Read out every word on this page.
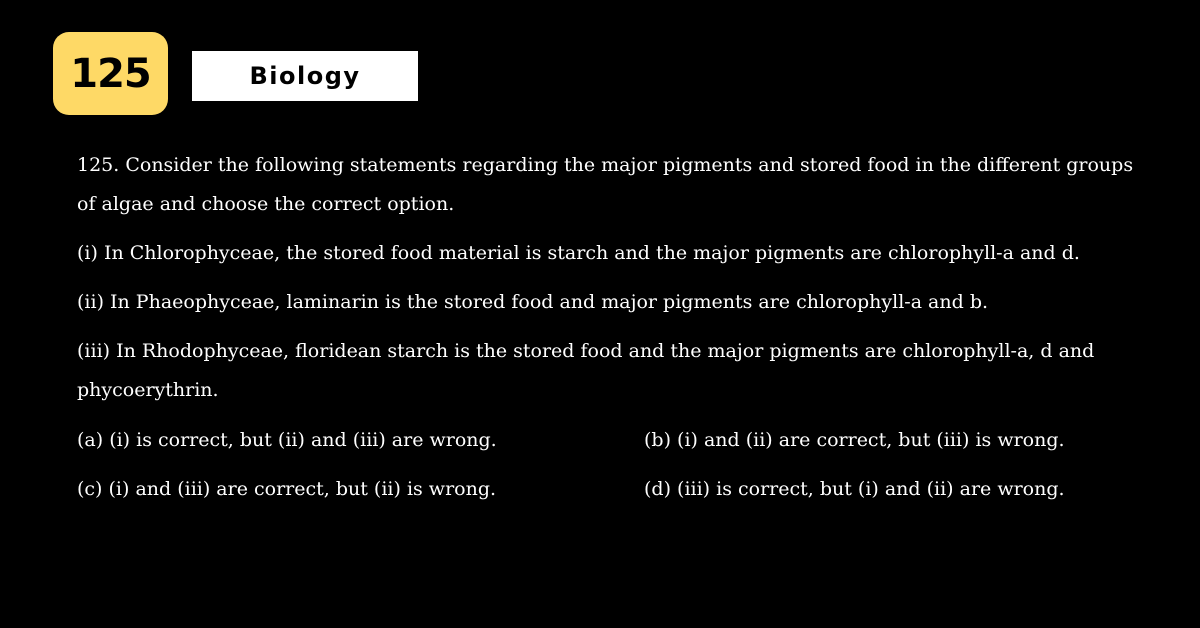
125	Biology

125. Consider the following statements regarding the major pigments and stored food in the different groups of algae and choose the correct option.

(i) In Chlorophyceae, the stored food material is starch and the major pigments are chlorophyll-a and d.

(ii) In Phaeophyceae, laminarin is the stored food and major pigments are chlorophyll-a and b.

(iii) In Rhodophyceae, floridean starch is the stored food and the major pigments are chlorophyll-a, d and phycoerythrin.

(a) (i) is correct, but (ii) and (iii) are wrong.	(b) (i) and (ii) are correct, but (iii) is wrong.
(c) (i) and (iii) are correct, but (ii) is wrong.	(d) (iii) is correct, but (i) and (ii) are wrong.
